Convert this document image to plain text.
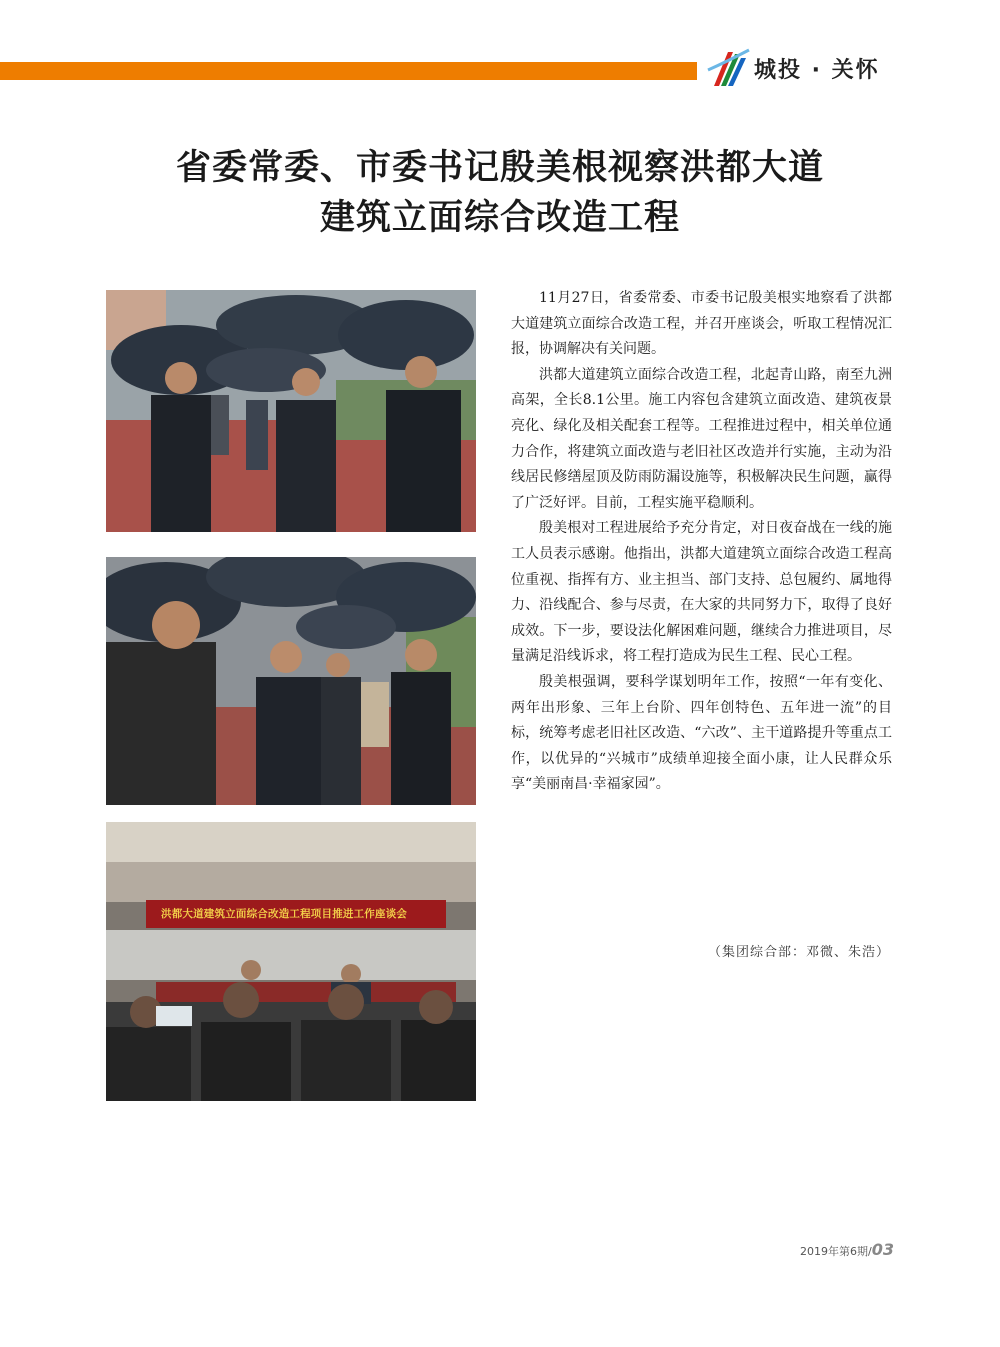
城投 · 关怀
省委常委、市委书记殷美根视察洪都大道
建筑立面综合改造工程
洪都大道建筑立面综合改造工程项目推进工作座谈会

11月27日，省委常委、市委书记殷美根实地察看了洪都大道建筑立面综合改造工程，并召开座谈会，听取工程情况汇报，协调解决有关问题。

洪都大道建筑立面综合改造工程，北起青山路，南至九洲高架，全长8.1公里。施工内容包含建筑立面改造、建筑夜景亮化、绿化及相关配套工程等。工程推进过程中，相关单位通力合作，将建筑立面改造与老旧社区改造并行实施，主动为沿线居民修缮屋顶及防雨防漏设施等，积极解决民生问题，赢得了广泛好评。目前，工程实施平稳顺利。

殷美根对工程进展给予充分肯定，对日夜奋战在一线的施工人员表示感谢。他指出，洪都大道建筑立面综合改造工程高位重视、指挥有方、业主担当、部门支持、总包履约、属地得力、沿线配合、参与尽责，在大家的共同努力下，取得了良好成效。下一步，要设法化解困难问题，继续合力推进项目，尽量满足沿线诉求，将工程打造成为民生工程、民心工程。

殷美根强调，要科学谋划明年工作，按照“一年有变化、两年出形象、三年上台阶、四年创特色、五年进一流”的目标，统筹考虑老旧社区改造、“六改”、主干道路提升等重点工作，以优异的“兴城市”成绩单迎接全面小康，让人民群众乐享“美丽南昌·幸福家园”。

（集团综合部：邓微、朱浩）
2019年第6期/03
